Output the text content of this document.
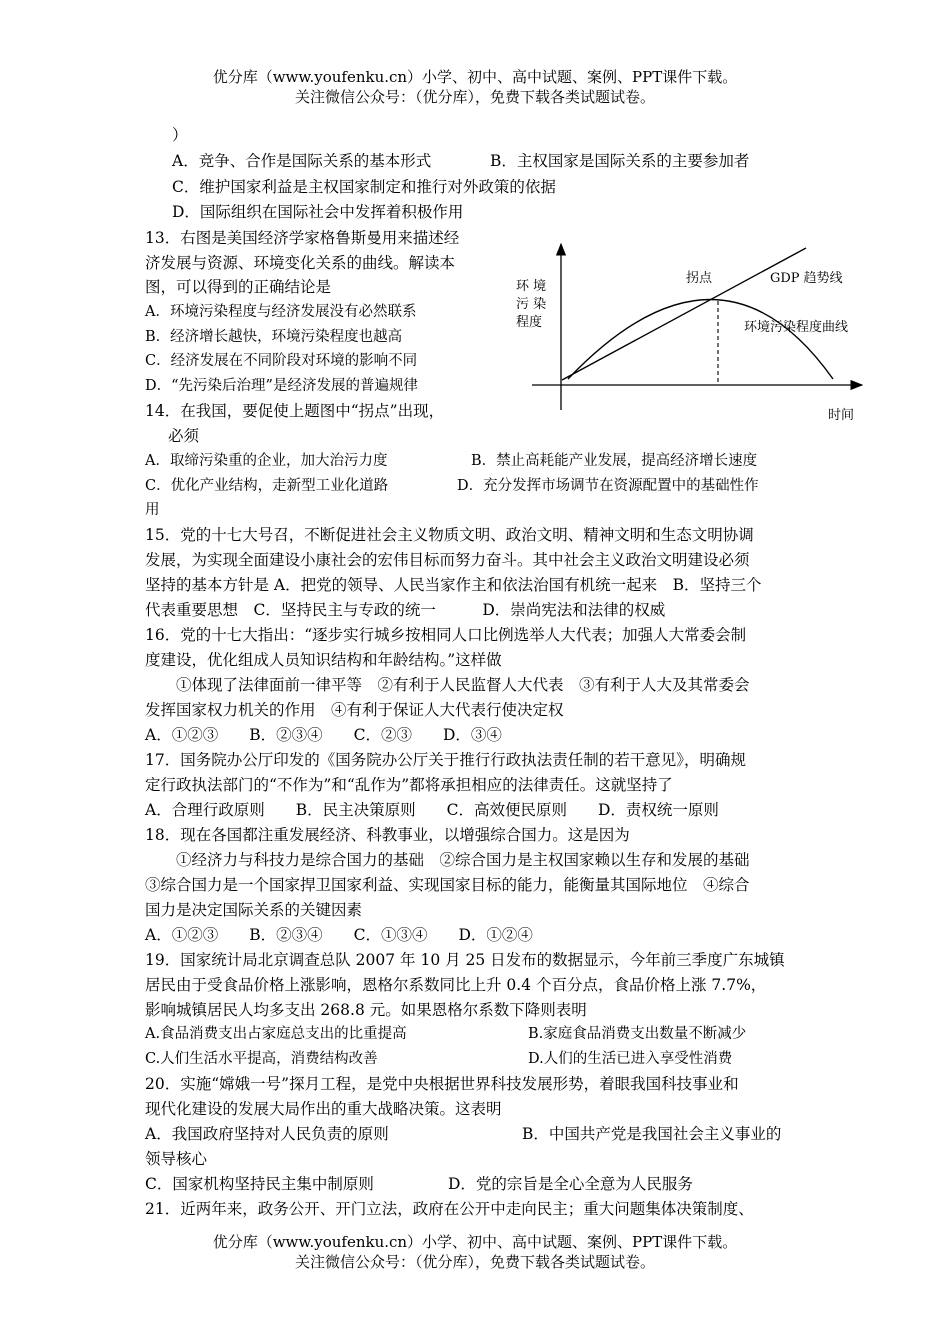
优分库（www.youfenku.cn）小学、初中、高中试题、案例、PPT课件下载。
关注微信公众号：（优分库），免费下载各类试题试卷。
）
A．竞争、合作是国际关系的基本形式	B．主权国家是国际关系的主要参加者
C．维护国家利益是主权国家制定和推行对外政策的依据
D．国际组织在国际社会中发挥着积极作用
13．右图是美国经济学家格鲁斯曼用来描述经
济发展与资源、环境变化关系的曲线。解读本
图，可以得到的正确结论是
A．环境污染程度与经济发展没有必然联系
B．经济增长越快，环境污染程度也越高
C．经济发展在不同阶段对环境的影响不同
D．“先污染后治理”是经济发展的普遍规律
环 境
污 染
程度
拐点	GDP 趋势线
环境污染程度曲线
时间
14．在我国，要促使上题图中“拐点”出现，
必须
A．取缔污染重的企业，加大治污力度	B．禁止高耗能产业发展，提高经济增长速度
C．优化产业结构，走新型工业化道路	D．充分发挥市场调节在资源配置中的基础性作
用
15．党的十七大号召，不断促进社会主义物质文明、政治文明、精神文明和生态文明协调
发展，为实现全面建设小康社会的宏伟目标而努力奋斗。其中社会主义政治文明建设必须
坚持的基本方针是 A．把党的领导、人民当家作主和依法治国有机统一起来　B．坚持三个
代表重要思想　C．坚持民主与专政的统一　　　D．崇尚宪法和法律的权威
16．党的十七大指出：“逐步实行城乡按相同人口比例选举人大代表；加强人大常委会制
度建设，优化组成人员知识结构和年龄结构。”这样做
　　①体现了法律面前一律平等　②有利于人民监督人大代表　③有利于人大及其常委会
发挥国家权力机关的作用　④有利于保证人大代表行使决定权
A．①②③　　B．②③④　　C．②③　　D．③④
17．国务院办公厅印发的《国务院办公厅关于推行行政执法责任制的若干意见》，明确规
定行政执法部门的“不作为”和“乱作为”都将承担相应的法律责任。这就坚持了
A．合理行政原则　　B．民主决策原则　　C．高效便民原则　　D．责权统一原则
18．现在各国都注重发展经济、科教事业，以增强综合国力。这是因为
　　①经济力与科技力是综合国力的基础　②综合国力是主权国家赖以生存和发展的基础
③综合国力是一个国家捍卫国家利益、实现国家目标的能力，能衡量其国际地位　④综合
国力是决定国际关系的关键因素
A．①②③　　B．②③④　　C．①③④　　D．①②④
19．国家统计局北京调查总队 2007 年 10 月 25 日发布的数据显示，今年前三季度广东城镇
居民由于受食品价格上涨影响，恩格尔系数同比上升 0.4 个百分点，食品价格上涨 7.7%，
影响城镇居民人均多支出 268.8 元。如果恩格尔系数下降则表明
A.食品消费支出占家庭总支出的比重提高	B.家庭食品消费支出数量不断减少
C.人们生活水平提高，消费结构改善	D.人们的生活已进入享受性消费
20．实施“嫦娥一号”探月工程，是党中央根据世界科技发展形势，着眼我国科技事业和
现代化建设的发展大局作出的重大战略决策。这表明
A．我国政府坚持对人民负责的原则	B．中国共产党是我国社会主义事业的
领导核心
C．国家机构坚持民主集中制原则	D．党的宗旨是全心全意为人民服务
21．近两年来，政务公开、开门立法，政府在公开中走向民主；重大问题集体决策制度、
优分库（www.youfenku.cn）小学、初中、高中试题、案例、PPT课件下载。
关注微信公众号：（优分库），免费下载各类试题试卷。
